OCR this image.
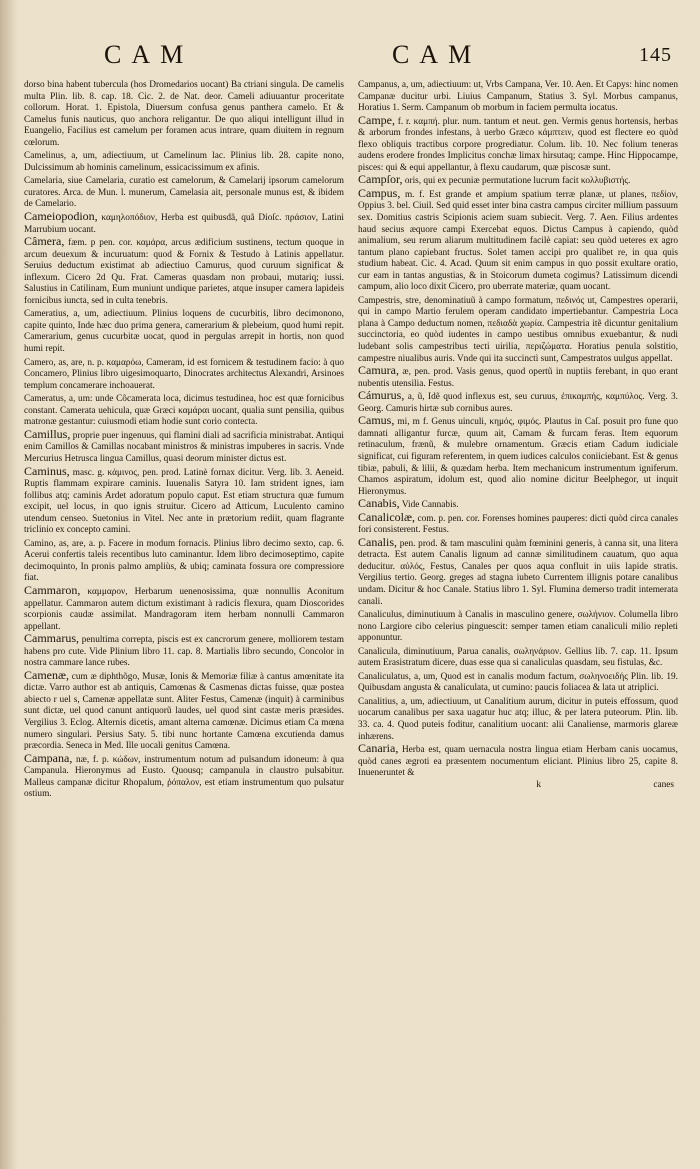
CAM	CAM	145

dorso bina habent tubercula (hos Dromedarios uocant) Ba ctriani singula. De camelis multa Plin. lib. 8. cap. 18. Cic. 2. de Nat. deor. Cameli adiuuantur proceritate collorum. Horat. 1. Epistola, Diuersum confusa genus panthera camelo. Et & Camelus funis nauticus, quo anchora religantur. De quo aliqui intelligunt illud in Euangelio, Facilius est camelum per foramen acus intrare, quam diuitem in regnum cœlorum.

Camelinus, a, um, adiectiuum, ut Camelinum lac. Plinius lib. 28. capite nono, Dulcissimum ab hominis camelinum, essicacissimum ex afinis.

Camelaria, siue Camelaria, curatio est camelorum, & Camelarij ipsorum camelorum curatores. Arca. de Mun. l. munerum, Camelasia ait, personale munus est, & ibidem de Camelario.

Cameiopodion, καμηλοπόδιον, Herba est quibusdã, quã Dioſc. πράσιον, Latini Marrubium uocant.

Câmera, fæm. p pen. cor. καμάρα, arcus ædificium sustinens, tectum quoque in arcum deuexum & incuruatum: quod & Fornix & Testudo à Latinis appellatur. Seruius deductum existimat ab adiectiuo Camurus, quod curuum significat & inflexum. Cicero 2d Qu. Frat. Cameras quasdam non probaui, mutariq; iussi. Salustius in Catilinam, Eum muniunt undique parietes, atque insuper camera lapideis fornicibus iuncta, sed in culta tenebris.

Cameratius, a, um, adiectiuum. Plinius loquens de cucurbitis, libro decimonono, capite quinto, Inde hæc duo prima genera, camerarium & plebeium, quod humi repit. Camerarium, genus cucurbitæ uocat, quod in pergulas arrepit in hortis, non quod humi repit.

Camero, as, are, n. p. καμαρόω, Cameram, id est fornicem & testudinem facio: à quo Concamero, Plinius libro uigesimoquarto, Dinocrates architectus Alexandri, Arsinoes templum concamerare inchoauerat.

Cameratus, a, um: unde Côcamerata loca, dicimus testudinea, hoc est quæ fornicibus constant. Camerata uehicula, quæ Græci καμάραι uocant, qualia sunt pensilia, quibus matronæ gestantur: cuiusmodi etiam hodie sunt corio contecta.

Camillus, proprie puer ingenuus, qui flamini diali ad sacrificia ministrabat. Antiqui enim Camillos & Camillas nocabant ministros & ministras impuberes in sacris. Vnde Mercurius Hetrusca lingua Camillus, quasi deorum minister dictus est.

Caminus, masc. g. κάμινος, pen. prod. Latinè fornax dicitur. Verg. lib. 3. Aeneid. Ruptis flammam expirare caminis. Iuuenalis Satyra 10. Iam strident ignes, iam follibus atq; caminis Ardet adoratum populo caput. Est etiam structura quæ fumum excipit, uel locus, in quo ignis struitur. Cicero ad Atticum, Luculento camino utendum censeo. Suetonius in Vitel. Nec ante in prætorium rediit, quam flagrante triclinio ex concepto camini.

Camino, as, are, a. p. Facere in modum fornacis. Plinius libro decimo sexto, cap. 6. Acerui confertis taleis recentibus luto caminantur. Idem libro decimoseptimo, capite decimoquinto, In pronis palmo ampliùs, & ubiq; caminata fossura ore compressiore fiat.

Cammaron, καμμαρον, Herbarum uenenosissima, quæ nonnullis Aconitum appellatur. Cammaron autem dictum existimant à radicis flexura, quam Dioscorides scorpionis caudæ assimilat. Mandragoram item herbam nonnulli Cammaron appellant.

Cammarus, penultima correpta, piscis est ex cancrorum genere, molliorem testam habens pro cute. Vide Plinium libro 11. cap. 8. Martialis libro secundo, Concolor in nostra cammare lance rubes.

Camenæ, cum æ diphthõgo, Musæ, Ionis & Memoriæ filiæ à cantus amœnitate ita dictæ. Varro author est ab antiquis, Camœnas & Casmenas dictas fuisse, quæ postea abiecto r uel s, Camenæ appellatæ sunt. Aliter Festus, Camenæ (inquit) à carminibus sunt dictæ, uel quod canunt antiquorũ laudes, uel quod sint castæ meris præsides. Vergilius 3. Eclog. Alternis dicetis, amant alterna camœnæ. Dicimus etiam Ca mœna numero singulari. Persius Saty. 5. tibi nunc hortante Camœna excutienda damus præcordia. Seneca in Med. Ille uocali genitus Camœna.

Campana, næ, f. p. κώδων, instrumentum notum ad pulsandum idoneum: à qua Campanula. Hieronymus ad Eusto. Quousq; campanula in claustro pulsabitur. Malleus campanæ dicitur Rhopalum, ῥόπαλον, est etiam instrumentum quo pulsatur ostium.

Campanus, a, um, adiectiuum: ut, Vrbs Campana, Ver. 10. Aen. Et Capys: hinc nomen Campanæ ducitur urbi. Liuius Campanum, Statius 3. Syl. Morbus campanus, Horatius 1. Serm. Campanum ob morbum in faciem permulta iocatus.

Campe, f. r. καμπή. plur. num. tantum et neut. gen. Vermis genus hortensis, herbas & arborum frondes infestans, à uerbo Græco κάμπτειν, quod est flectere eo quòd flexo obliquis tractibus corpore progrediatur. Colum. lib. 10. Nec folium teneras audens erodere frondes Implicitus conchæ limax hirsutaq; campe. Hinc Hippocampe, pisces: qui & equi appellantur, à flexu caudarum, quæ piscosæ sunt.

Campſor, oris, qui ex pecuniæ permutatione lucrum facit κολλυβιστής.

Campus, m. f. Est grande et ampium spatium terræ planæ, ut planes, πεδίον, Oppius 3. bel. Ciuil. Sed quid esset inter bina castra campus circiter millium passuum sex. Domitius castris Scipionis aciem suam subiecit. Verg. 7. Aen. Filius ardentes haud secius æquore campi Exercebat equos. Dictus Campus à capiendo, quòd animalium, seu rerum aliarum multitudinem facilè capiat: seu quòd ueteres ex agro tantum plano capiebant fructus. Solet tamen accipi pro qualibet re, in qua quis studium habeat. Cic. 4. Acad. Quum sit enim campus in quo possit exultare oratio, cur eam in tantas angustias, & in Stoicorum dumeta cogimus? Latissimum dicendi campum, alio loco dixit Cicero, pro uberrate materiæ, quam uocant.

Campestris, stre, denominatiuũ à campo formatum, πεδινός ut, Campestres operarii, qui in campo Martio ferulem operam candidato impertiebantur. Campestria Loca plana à Campo deductum nomen, πεδιαδὰ χωρία. Campestria itẽ dicuntur genitalium succinctoria, eo quòd iudentes in campo uestibus omnibus exuebantur, & nudi ludebant solis campestribus tecti uirilia, περιζώματα. Horatius penula solstitio, campestre niualibus auris. Vnde qui ita succinctì sunt, Campestratos uulgus appellat.

Camura, æ, pen. prod. Vasis genus, quod opertũ in nuptiis ferebant, in quo erant nubentis utensilia. Festus.

Cámurus, a, ũ, Idẽ quod inflexus est, seu curuus, ἐπικαμπής, καμπύλος. Verg. 3. Georg. Camuris hirtæ sub cornibus aures.

Camus, mi, m f. Genus uinculi, κημός, φιμός. Plautus in Caſ. posuit pro fune quo damnati alligantur furcæ, quum ait, Camam & furcam feras. Item equorum retinaculum, frænũ, & mulebre ornamentum. Græcis etiam Cadum iudiciale significat, cui figuram referentem, in quem iudices calculos coniiciebant. Est & genus tibiæ, pabuli, & lilii, & quædam herba. Item mechanicum instrumentum igniferum. Chamos aspiratum, idolum est, quod alio nomine dicitur Beelphegor, ut inquit Hieronymus.

Canabis, Vide Cannabis.

Canalicolæ, com. p. pen. cor. Forenses homines pauperes: dicti quòd circa canales fori consisterent. Festus.

Canalis, pen. prod. & tam masculini quàm fœminini generis, à canna sit, una litera detracta. Est autem Canalis lignum ad cannæ similitudinem cauatum, quo aqua deducitur. αὐλός, Festus, Canales per quos aqua confluit in uiis lapide stratis. Vergilius tertio. Georg. greges ad stagna iubeto Currentem illignis potare canalibus undam. Dicitur & hoc Canale. Statius libro 1. Syl. Flumina demerso tradit intemerata canali.

Canaliculus, diminutiuum à Canalis in masculino genere, σωλήνιον. Columella libro nono Largiore cibo celerius pinguescit: semper tamen etiam canaliculi milio repleti apponuntur.

Canalicula, diminutiuum, Parua canalis, σωληνάριον. Gellius lib. 7. cap. 11. Ipsum autem Erasistratum dicere, duas esse qua si canaliculas quasdam, seu fistulas, &c.

Canaliculatus, a, um, Quod est in canalis modum factum, σωληνοειδής Plin. lib. 19. Quibusdam angusta & canaliculata, ut cumino: paucis foliacea & lata ut atriplici.

Canalitius, a, um, adiectiuum, ut Canalitium aurum, dicitur in puteis effossum, quod uocarum canalibus per saxa uagatur huc atq; illuc, & per latera puteorum. Plin. lib. 33. ca. 4. Quod puteis foditur, canalitium uocant: alii Canaliense, marmoris glareæ inhærens.

Canaria, Herba est, quam uernacula nostra lingua etiam Herbam canis uocamus, quòd canes ægroti ea præsentem nocumentum eliciant. Plinius libro 25, capite 8. Inueneruntet &

k	canes
